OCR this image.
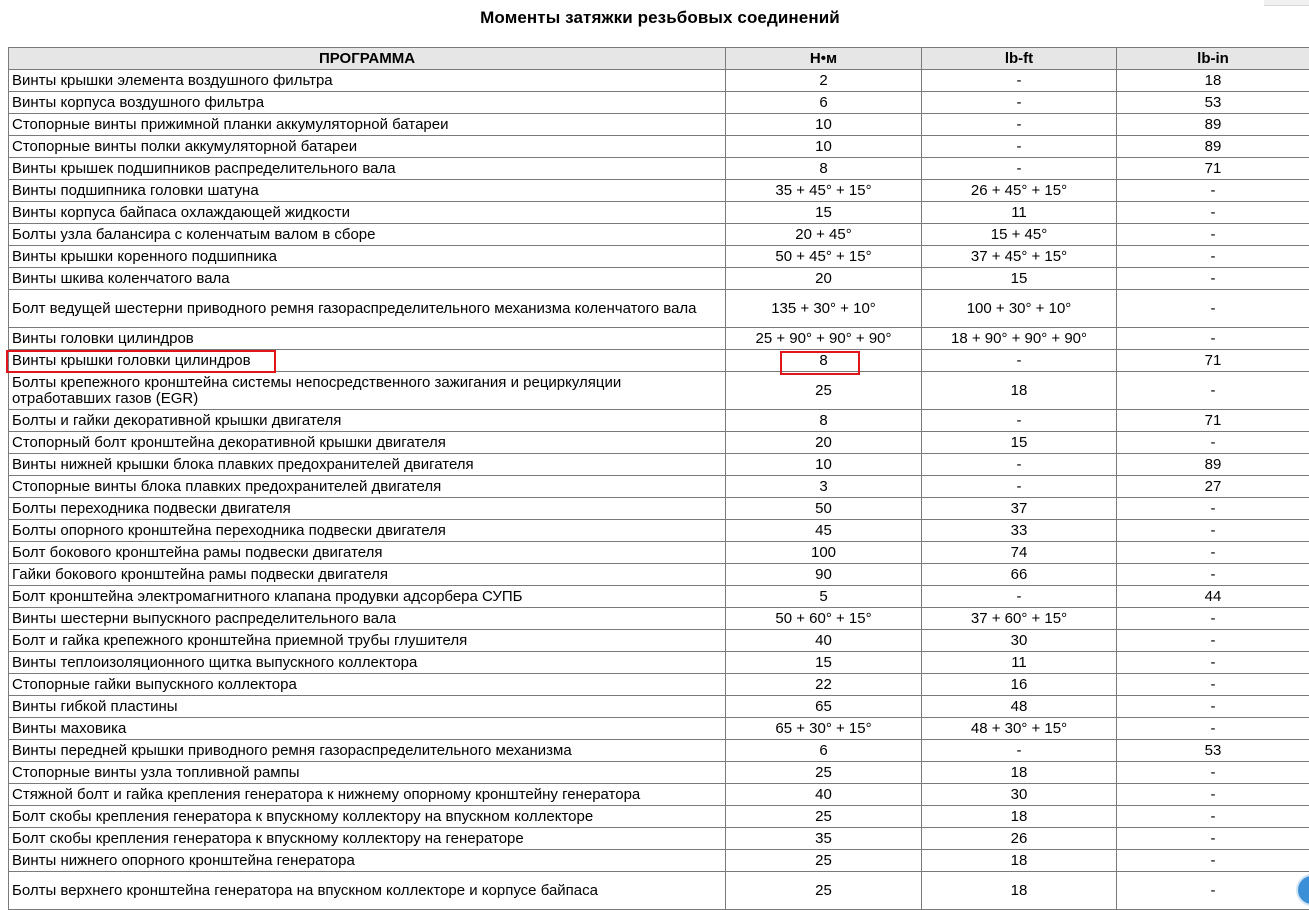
Моменты затяжки резьбовых соединений
ПРОГРАММА	Н•м	lb-ft	lb-in
Винты крышки элемента воздушного фильтра	2	-	18
Винты корпуса воздушного фильтра	6	-	53
Стопорные винты прижимной планки аккумуляторной батареи	10	-	89
Стопорные винты полки аккумуляторной батареи	10	-	89
Винты крышек подшипников распределительного вала	8	-	71
Винты подшипника головки шатуна	35 + 45° + 15°	26 + 45° + 15°	-
Винты корпуса байпаса охлаждающей жидкости	15	11	-
Болты узла балансира с коленчатым валом в сборе	20 + 45°	15 + 45°	-
Винты крышки коренного подшипника	50 + 45° + 15°	37 + 45° + 15°	-
Винты шкива коленчатого вала	20	15	-
Болт ведущей шестерни приводного ремня газораспределительного механизма коленчатого вала	135 + 30° + 10°	100 + 30° + 10°	-
Винты головки цилиндров	25 + 90° + 90° + 90°	18 + 90° + 90° + 90°	-
Винты крышки головки цилиндров	8	-	71
Болты крепежного кронштейна системы непосредственного зажигания и рециркуляции отработавших газов (EGR)	25	18	-
Болты и гайки декоративной крышки двигателя	8	-	71
Стопорный болт кронштейна декоративной крышки двигателя	20	15	-
Винты нижней крышки блока плавких предохранителей двигателя	10	-	89
Стопорные винты блока плавких предохранителей двигателя	3	-	27
Болты переходника подвески двигателя	50	37	-
Болты опорного кронштейна переходника подвески двигателя	45	33	-
Болт бокового кронштейна рамы подвески двигателя	100	74	-
Гайки бокового кронштейна рамы подвески двигателя	90	66	-
Болт кронштейна электромагнитного клапана продувки адсорбера СУПБ	5	-	44
Винты шестерни выпускного распределительного вала	50 + 60° + 15°	37 + 60° + 15°	-
Болт и гайка крепежного кронштейна приемной трубы глушителя	40	30	-
Винты теплоизоляционного щитка выпускного коллектора	15	11	-
Стопорные гайки выпускного коллектора	22	16	-
Винты гибкой пластины	65	48	-
Винты маховика	65 + 30° + 15°	48 + 30° + 15°	-
Винты передней крышки приводного ремня газораспределительного механизма	6	-	53
Стопорные винты узла топливной рампы	25	18	-
Стяжной болт и гайка крепления генератора к нижнему опорному кронштейну генератора	40	30	-
Болт скобы крепления генератора к впускному коллектору на впускном коллекторе	25	18	-
Болт скобы крепления генератора к впускному коллектору на генераторе	35	26	-
Винты нижнего опорного кронштейна генератора	25	18	-
Болты верхнего кронштейна генератора на впускном коллекторе и корпусе байпаса	25	18	-
